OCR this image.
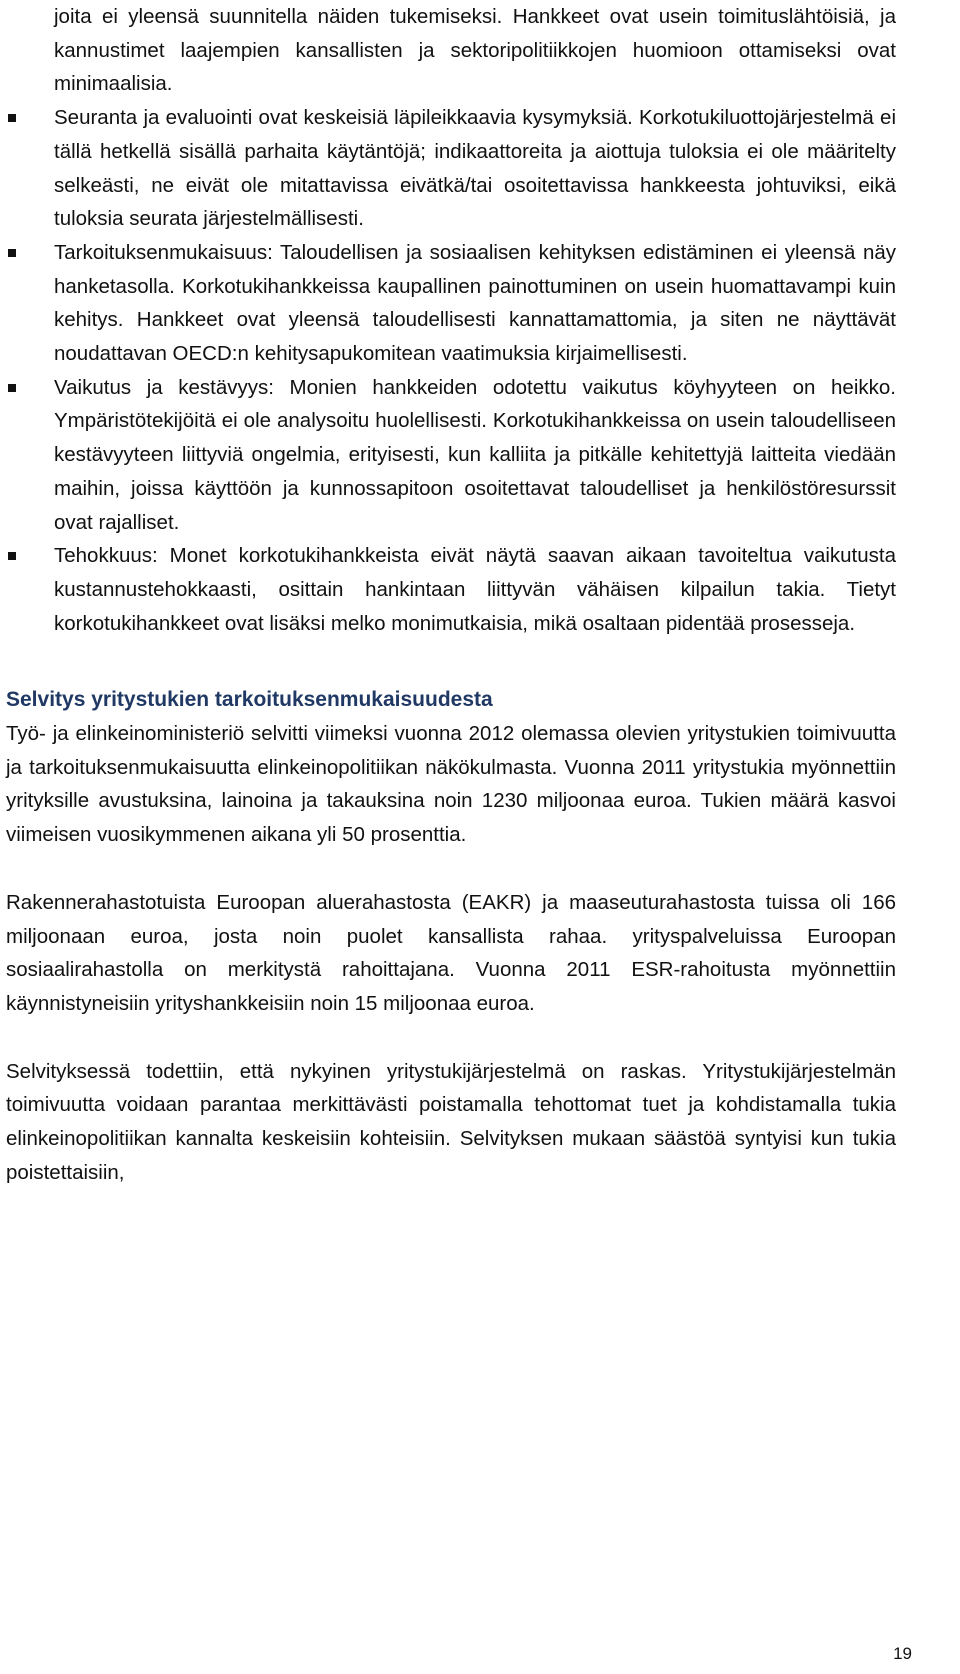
joita ei yleensä suunnitella näiden tukemiseksi. Hankkeet ovat usein toimituslähtöisiä, ja kannustimet laajempien kansallisten ja sektoripolitiikkojen huomioon ottamiseksi ovat minimaalisia.
Seuranta ja evaluointi ovat keskeisiä läpileikkaavia kysymyksiä. Korkotukiluottojärjestelmä ei tällä hetkellä sisällä parhaita käytäntöjä; indikaattoreita ja aiottuja tuloksia ei ole määritelty selkeästi, ne eivät ole mitattavissa eivätkä/tai osoitettavissa hankkeesta johtuviksi, eikä tuloksia seurata järjestelmällisesti.
Tarkoituksenmukaisuus: Taloudellisen ja sosiaalisen kehityksen edistäminen ei yleensä näy hanketasolla. Korkotukihankkeissa kaupallinen painottuminen on usein huomattavampi kuin kehitys. Hankkeet ovat yleensä taloudellisesti kannattamattomia, ja siten ne näyttävät noudattavan OECD:n kehitysapukomitean vaatimuksia kirjaimellisesti.
Vaikutus ja kestävyys: Monien hankkeiden odotettu vaikutus köyhyyteen on heikko. Ympäristötekijöitä ei ole analysoitu huolellisesti. Korkotukihankkeissa on usein taloudelliseen kestävyyteen liittyviä ongelmia, erityisesti, kun kalliita ja pitkälle kehitettyjä laitteita viedään maihin, joissa käyttöön ja kunnossapitoon osoitettavat taloudelliset ja henkilöstöresurssit ovat rajalliset.
Tehokkuus: Monet korkotukihankkeista eivät näytä saavan aikaan tavoiteltua vaikutusta kustannustehokkaasti, osittain hankintaan liittyvän vähäisen kilpailun takia. Tietyt korkotukihankkeet ovat lisäksi melko monimutkaisia, mikä osaltaan pidentää prosesseja.
Selvitys yritystukien tarkoituksenmukaisuudesta

Työ- ja elinkeinoministeriö selvitti viimeksi vuonna 2012 olemassa olevien yritystukien toimivuutta ja tarkoituksenmukaisuutta elinkeinopolitiikan näkökulmasta. Vuonna 2011 yritystukia myönnettiin yrityksille avustuksina, lainoina ja takauksina noin 1230 miljoonaa euroa. Tukien määrä kasvoi viimeisen vuosikymmenen aikana yli 50 prosenttia.

Rakennerahastotuista Euroopan aluerahastosta (EAKR) ja maaseuturahastosta tuissa oli 166 miljoonaan euroa, josta noin puolet kansallista rahaa. yrityspalveluissa Euroopan sosiaalirahastolla on merkitystä rahoittajana. Vuonna 2011 ESR-rahoitusta myönnettiin käynnistyneisiin yrityshankkeisiin noin 15 miljoonaa euroa.

Selvityksessä todettiin, että nykyinen yritystukijärjestelmä on raskas. Yritystukijärjestelmän toimivuutta voidaan parantaa merkittävästi poistamalla tehottomat tuet ja kohdistamalla tukia elinkeinopolitiikan kannalta keskeisiin kohteisiin. Selvityksen mukaan säästöä syntyisi kun tukia poistettaisiin,

19
